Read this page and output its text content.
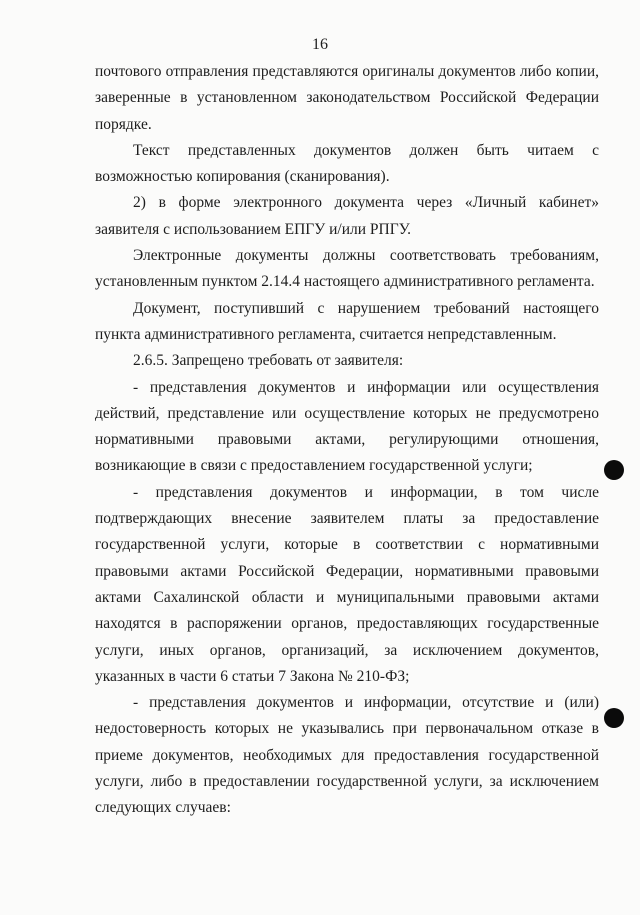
16

почтового отправления представляются оригиналы документов либо копии, заверенные в установленном законодательством Российской Федерации порядке.

Текст представленных документов должен быть читаем с возможностью копирования (сканирования).

2) в форме электронного документа через «Личный кабинет» заявителя с использованием ЕПГУ и/или РПГУ.

Электронные документы должны соответствовать требованиям, установленным пунктом 2.14.4 настоящего административного регламента.

Документ, поступивший с нарушением требований настоящего пункта административного регламента, считается непредставленным.

2.6.5. Запрещено требовать от заявителя:

- представления документов и информации или осуществления действий, представление или осуществление которых не предусмотрено нормативными правовыми актами, регулирующими отношения, возникающие в связи с предоставлением государственной услуги;

- представления документов и информации, в том числе подтверждающих внесение заявителем платы за предоставление государственной услуги, которые в соответствии с нормативными правовыми актами Российской Федерации, нормативными правовыми актами Сахалинской области и муниципальными правовыми актами находятся в распоряжении органов, предоставляющих государственные услуги, иных органов, организаций, за исключением документов, указанных в части 6 статьи 7 Закона № 210-ФЗ;

- представления документов и информации, отсутствие и (или) недостоверность которых не указывались при первоначальном отказе в приеме документов, необходимых для предоставления государственной услуги, либо в предоставлении государственной услуги, за исключением следующих случаев:
